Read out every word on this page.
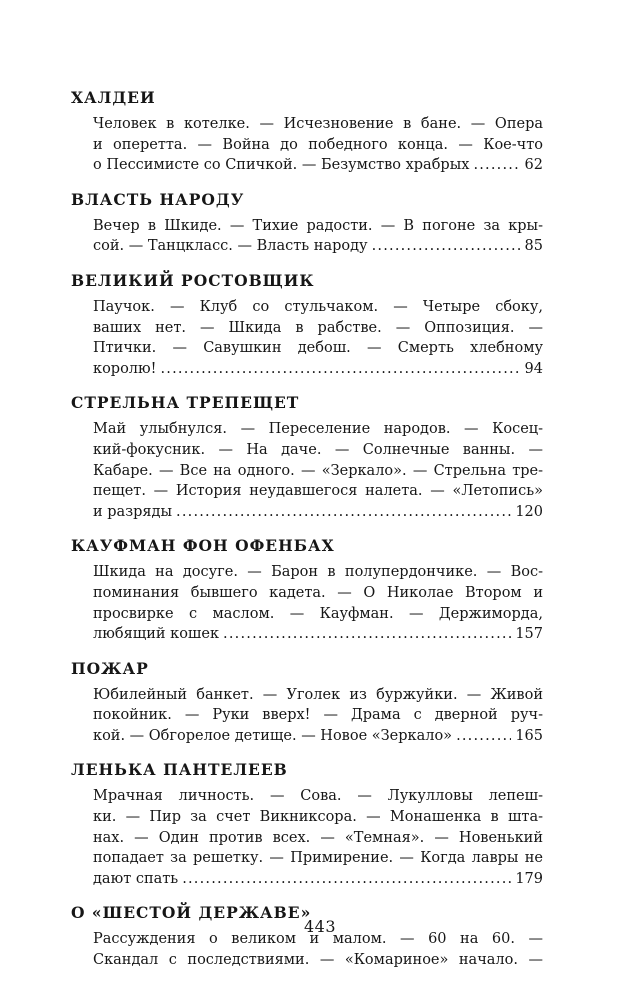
ХАЛДЕИ
Человек в котелке. — Исчезновение в бане. — Опера
и оперетта. — Война до победного конца. — Кое-что
о Пессимисте со Спичкой. — Безумство храбрых .....	62
ВЛАСТЬ НАРОДУ
Вечер в Шкиде. — Тихие радости. — В погоне за кры-
сой. — Танцкласс. — Власть народу .....	85
ВЕЛИКИЙ РОСТОВЩИК
Паучок. — Клуб со стульчаком. — Четыре сбоку,
ваших нет. — Шкида в рабстве. — Оппозиция. —
Птички. — Савушкин дебош. — Смерть хлебному
королю! .....	94
СТРЕЛЬНА ТРЕПЕЩЕТ
Май улыбнулся. — Переселение народов. — Косец-
кий-фокусник. — На даче. — Солнечные ванны. —
Кабаре. — Все на одного. — «Зеркало». — Стрельна тре-
пещет. — История неудавшегося налета. — «Летопись»
и разряды .....	120
КАУФМАН ФОН ОФЕНБАХ
Шкида на досуге. — Барон в полупердончике. — Вос-
поминания бывшего кадета. — О Николае Втором и
просвирке с маслом. — Кауфман. — Держиморда,
любящий кошек .....	157
ПОЖАР
Юбилейный банкет. — Уголек из буржуйки. — Живой
покойник. — Руки вверх! — Драма с дверной руч-
кой. — Обгорелое детище. — Новое «Зеркало» .....	165
ЛЕНЬКА ПАНТЕЛЕЕВ
Мрачная личность. — Сова. — Лукулловы лепеш-
ки. — Пир за счет Викниксора. — Монашенка в шта-
нах. — Один против всех. — «Темная». — Новенький
попадает за решетку. — Примирение. — Когда лавры не
дают спать .....	179
О «ШЕСТОЙ ДЕРЖАВЕ»
Рассуждения о великом и малом. — 60 на 60. —
Скандал с последствиями. — «Комариное» начало. —
443
